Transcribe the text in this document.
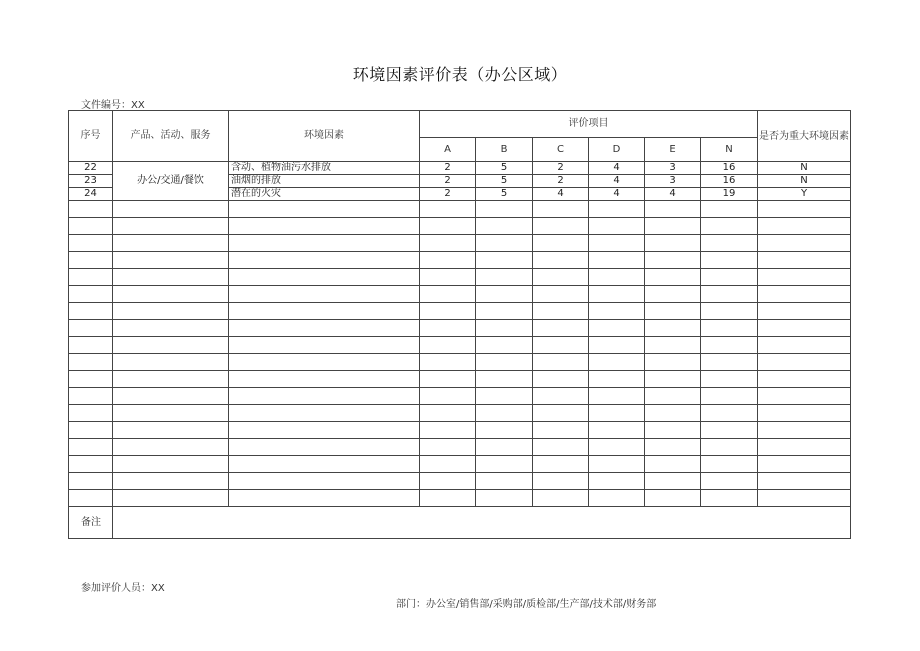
环境因素评价表（办公区域）
文件编号：XX
序号	产品、活动、服务	环境因素	评价项目						是否为重大环境因素
			A	B	C	D	E	N	
22	办公/交通/餐饮	含动、植物油污水排放	2	5	2	4	3	16	N
23		油烟的排放	2	5	2	4	3	16	N
24		潜在的火灾	2	5	4	4	4	19	Y

备注									
参加评价人员：XX
部门：办公室/销售部/采购部/质检部/生产部/技术部/财务部
